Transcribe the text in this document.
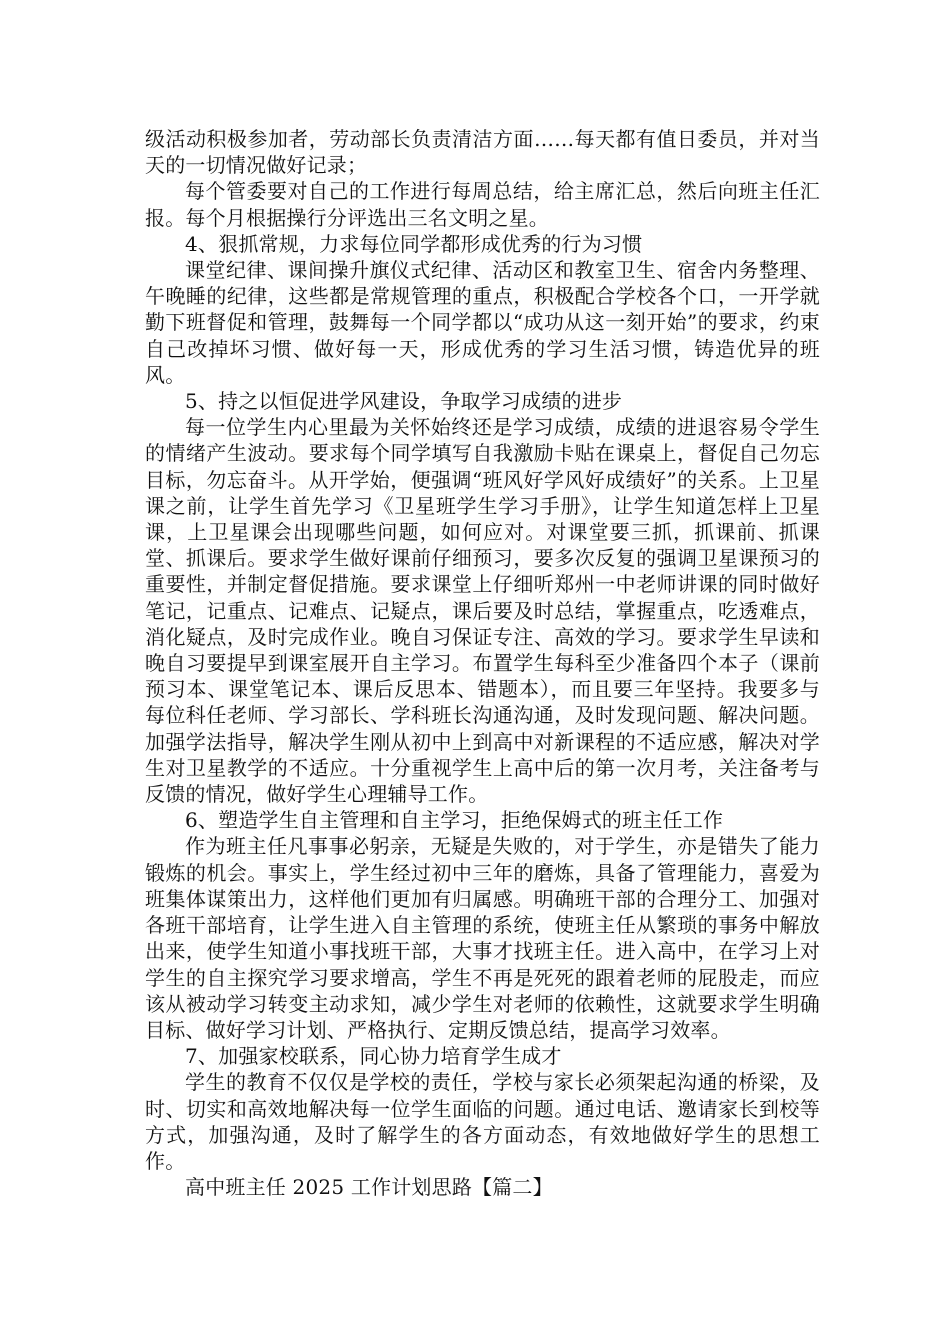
级活动积极参加者，劳动部长负责清洁方面……每天都有值日委员，并对当天的一切情况做好记录；

每个管委要对自己的工作进行每周总结，给主席汇总，然后向班主任汇报。每个月根据操行分评选出三名文明之星。

4、狠抓常规，力求每位同学都形成优秀的行为习惯

课堂纪律、课间操升旗仪式纪律、活动区和教室卫生、宿舍内务整理、午晚睡的纪律，这些都是常规管理的重点，积极配合学校各个口，一开学就勤下班督促和管理，鼓舞每一个同学都以“成功从这一刻开始”的要求，约束自己改掉坏习惯、做好每一天，形成优秀的学习生活习惯，铸造优异的班风。

5、持之以恒促进学风建设，争取学习成绩的进步

每一位学生内心里最为关怀始终还是学习成绩，成绩的进退容易令学生的情绪产生波动。要求每个同学填写自我激励卡贴在课桌上，督促自己勿忘目标，勿忘奋斗。从开学始，便强调“班风好学风好成绩好”的关系。上卫星课之前，让学生首先学习《卫星班学生学习手册》，让学生知道怎样上卫星课，上卫星课会出现哪些问题，如何应对。对课堂要三抓，抓课前、抓课堂、抓课后。要求学生做好课前仔细预习，要多次反复的强调卫星课预习的重要性，并制定督促措施。要求课堂上仔细听郑州一中老师讲课的同时做好笔记，记重点、记难点、记疑点，课后要及时总结，掌握重点，吃透难点，消化疑点，及时完成作业。晚自习保证专注、高效的学习。要求学生早读和晚自习要提早到课室展开自主学习。布置学生每科至少准备四个本子（课前预习本、课堂笔记本、课后反思本、错题本），而且要三年坚持。我要多与每位科任老师、学习部长、学科班长沟通沟通，及时发现问题、解决问题。加强学法指导，解决学生刚从初中上到高中对新课程的不适应感，解决对学生对卫星教学的不适应。十分重视学生上高中后的第一次月考，关注备考与反馈的情况，做好学生心理辅导工作。

6、塑造学生自主管理和自主学习，拒绝保姆式的班主任工作

作为班主任凡事事必躬亲，无疑是失败的，对于学生，亦是错失了能力锻炼的机会。事实上，学生经过初中三年的磨炼，具备了管理能力，喜爱为班集体谋策出力，这样他们更加有归属感。明确班干部的合理分工、加强对各班干部培育，让学生进入自主管理的系统，使班主任从繁琐的事务中解放出来，使学生知道小事找班干部，大事才找班主任。进入高中，在学习上对学生的自主探究学习要求增高，学生不再是死死的跟着老师的屁股走，而应该从被动学习转变主动求知，减少学生对老师的依赖性，这就要求学生明确目标、做好学习计划、严格执行、定期反馈总结，提高学习效率。

7、加强家校联系，同心协力培育学生成才

学生的教育不仅仅是学校的责任，学校与家长必须架起沟通的桥梁，及时、切实和高效地解决每一位学生面临的问题。通过电话、邀请家长到校等方式，加强沟通，及时了解学生的各方面动态，有效地做好学生的思想工作。

高中班主任 2025 工作计划思路【篇二】
